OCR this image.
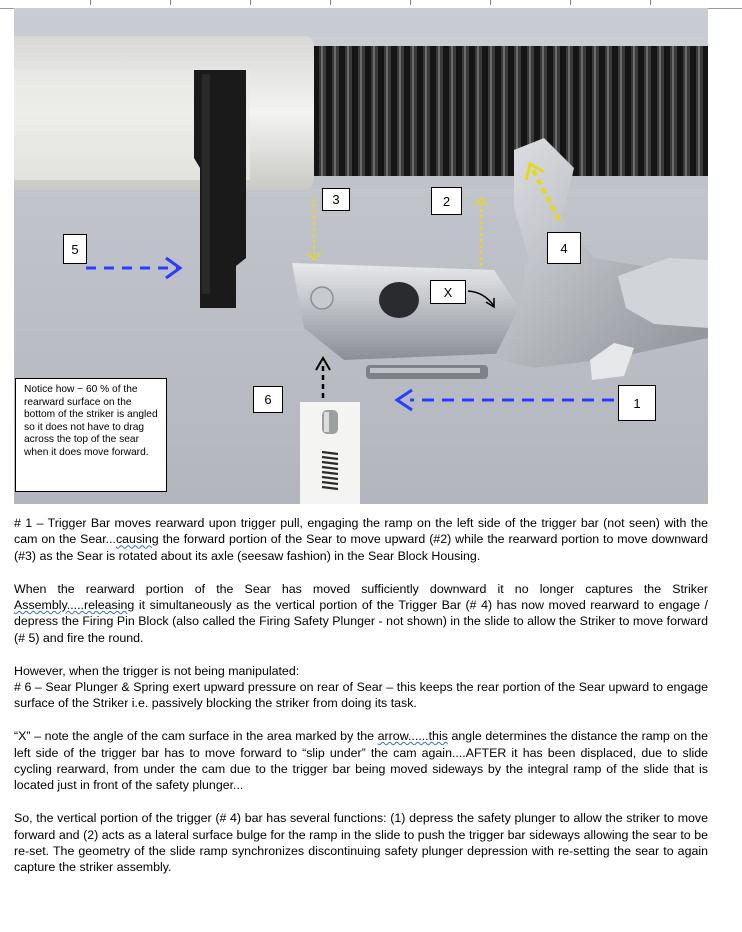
3	2
4
5
X
6	1
Notice how ~ 60 % of the rearward surface on the bottom of the striker is angled so it does not have to drag across the top of the sear when it does move forward.

# 1 – Trigger Bar moves rearward upon trigger pull, engaging the ramp on the left side of the trigger bar (not seen) with the cam on the Sear...causing the forward portion of the Sear to move upward (#2) while the rearward portion to move downward (#3) as the Sear is rotated about its axle (seesaw fashion) in the Sear Block Housing.

When the rearward portion of the Sear has moved sufficiently downward it no longer captures the Striker Assembly.....releasing it simultaneously as the vertical portion of the Trigger Bar (# 4) has now moved rearward to engage / depress the Firing Pin Block (also called the Firing Safety Plunger - not shown) in the slide to allow the Striker to move forward (# 5) and fire the round.

However, when the trigger is not being manipulated:
# 6 – Sear Plunger & Spring exert upward pressure on rear of Sear – this keeps the rear portion of the Sear upward to engage surface of the Striker i.e. passively blocking the striker from doing its task.

“X” – note the angle of the cam surface in the area marked by the arrow......this angle determines the distance the ramp on the left side of the trigger bar has to move forward to “slip under” the cam again....AFTER it has been displaced, due to slide cycling rearward, from under the cam due to the trigger bar being moved sideways by the integral ramp of the slide that is located just in front of the safety plunger...

So, the vertical portion of the trigger (# 4) bar has several functions: (1) depress the safety plunger to allow the striker to move forward and (2) acts as a lateral surface bulge for the ramp in the slide to push the trigger bar sideways allowing the sear to be re-set. The geometry of the slide ramp synchronizes discontinuing safety plunger depression with re-setting the sear to again capture the striker assembly.
